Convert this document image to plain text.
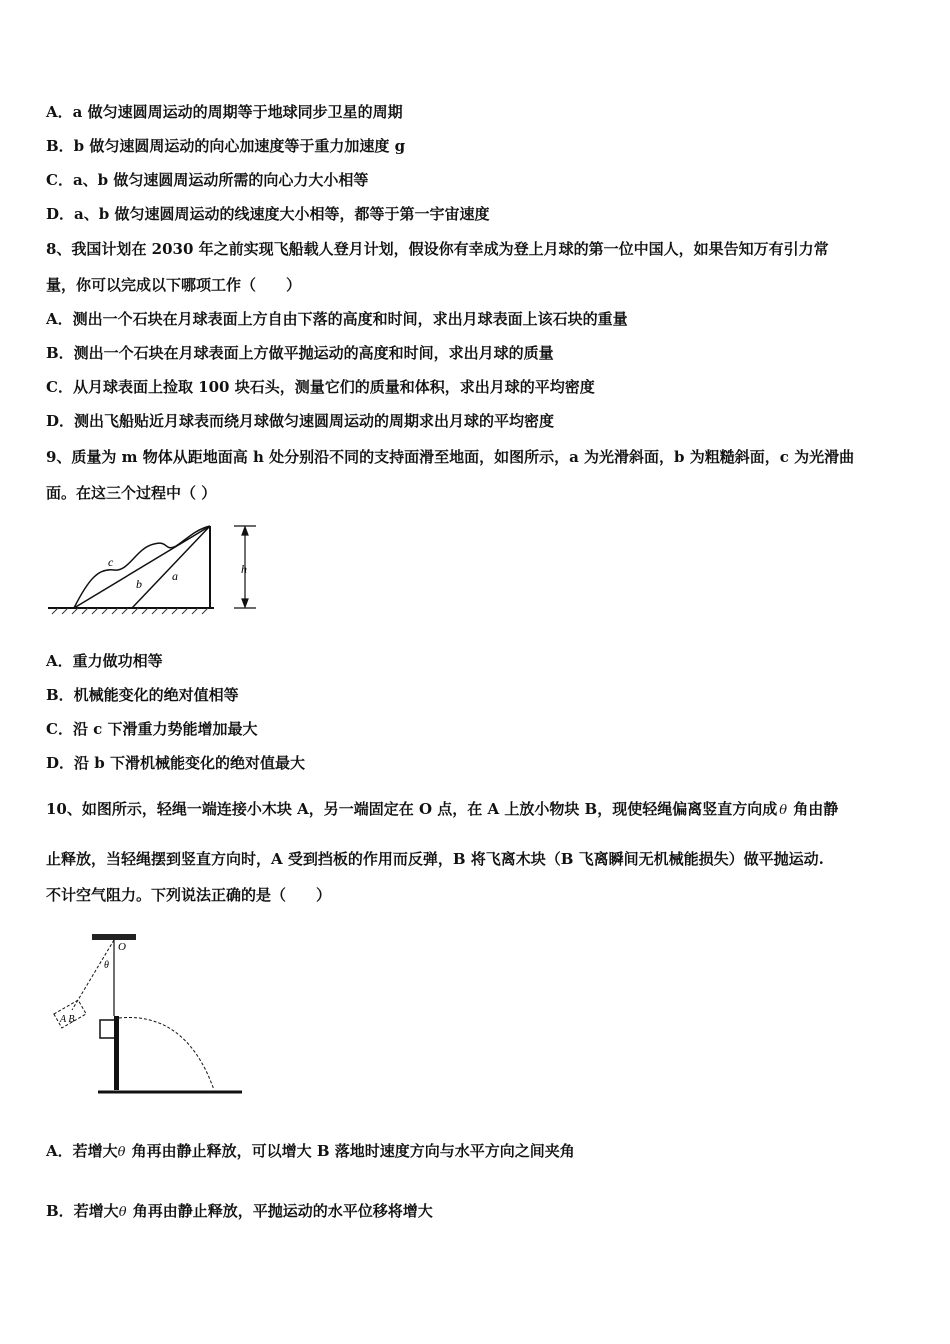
A．a 做匀速圆周运动的周期等于地球同步卫星的周期
B．b 做匀速圆周运动的向心加速度等于重力加速度 g
C．a、b 做匀速圆周运动所需的向心力大小相等
D．a、b 做匀速圆周运动的线速度大小相等，都等于第一宇宙速度
8、我国计划在 2030 年之前实现飞船载人登月计划，假设你有幸成为登上月球的第一位中国人，如果告知万有引力常
量，你可以完成以下哪项工作（　　）
A．测出一个石块在月球表面上方自由下落的高度和时间，求出月球表面上该石块的重量
B．测出一个石块在月球表面上方做平抛运动的高度和时间，求出月球的质量
C．从月球表面上捡取 100 块石头，测量它们的质量和体积，求出月球的平均密度
D．测出飞船贴近月球表而绕月球做匀速圆周运动的周期求出月球的平均密度
9、质量为 m 物体从距地面高 h 处分别沿不同的支持面滑至地面，如图所示，a 为光滑斜面，b 为粗糙斜面，c 为光滑曲
面。在这三个过程中（ ）
c
b
a	h
A．重力做功相等
B．机械能变化的绝对值相等
C．沿 c 下滑重力势能增加最大
D．沿 b 下滑机械能变化的绝对值最大
10、如图所示，轻绳一端连接小木块 A，另一端固定在 O 点，在 A 上放小物块 B，现使轻绳偏离竖直方向成 θ 角由静
止释放，当轻绳摆到竖直方向时，A 受到挡板的作用而反弹，B 将飞离木块（B 飞离瞬间无机械能损失）做平抛运动.
不计空气阻力。下列说法正确的是（　　）
O
θ
A B
A．若增大 θ 角再由静止释放，可以增大 B 落地时速度方向与水平方向之间夹角
B．若增大 θ 角再由静止释放，平抛运动的水平位移将增大
